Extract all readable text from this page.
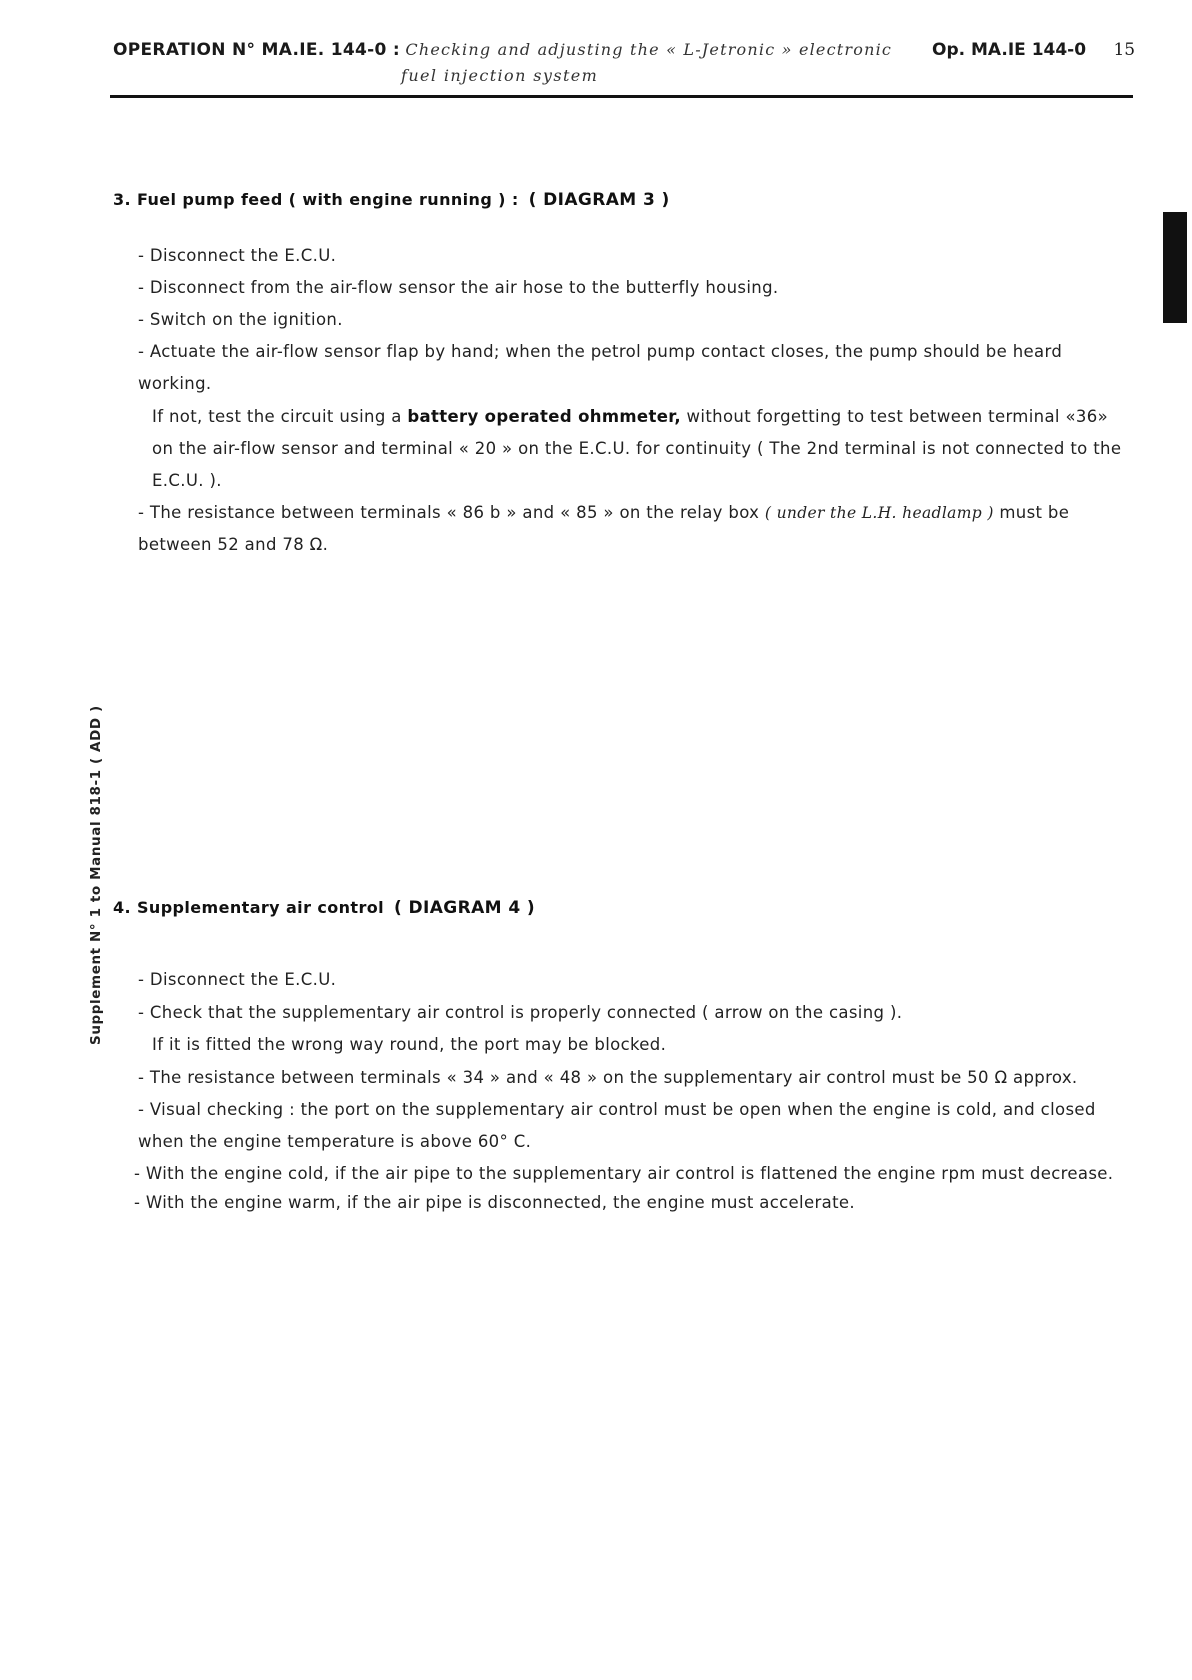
OPERATION N° MA.IE. 144-0 : Checking and adjusting the « L-Jetronic » electronic
fuel injection system
Op. MA.IE 144-0 15
Supplement N° 1 to Manual 818-1 ( ADD )
3. Fuel pump feed ( with engine running ) : ( DIAGRAM 3 )
- Disconnect the E.C.U.
- Disconnect from the air-flow sensor the air hose to the butterfly housing.
- Switch on the ignition.
- Actuate the air-flow sensor flap by hand; when the petrol pump contact closes, the pump should be heard working.
If not, test the circuit using a battery operated ohmmeter, without forgetting to test between terminal «36» on the air-flow sensor and terminal « 20 » on the E.C.U. for continuity ( The 2nd terminal is not connected to the E.C.U. ).
- The resistance between terminals « 86 b » and « 85 » on the relay box ( under the L.H. headlamp ) must be between 52 and 78 Ω.
4. Supplementary air control ( DIAGRAM 4 )
- Disconnect the E.C.U.
- Check that the supplementary air control is properly connected ( arrow on the casing ).
If it is fitted the wrong way round, the port may be blocked.
- The resistance between terminals « 34 » and « 48 » on the supplementary air control must be 50 Ω approx.
- Visual checking : the port on the supplementary air control must be open when the engine is cold, and closed when the engine temperature is above 60° C.
- With the engine cold, if the air pipe to the supplementary air control is flattened the engine rpm must decrease.
- With the engine warm, if the air pipe is disconnected, the engine must accelerate.
